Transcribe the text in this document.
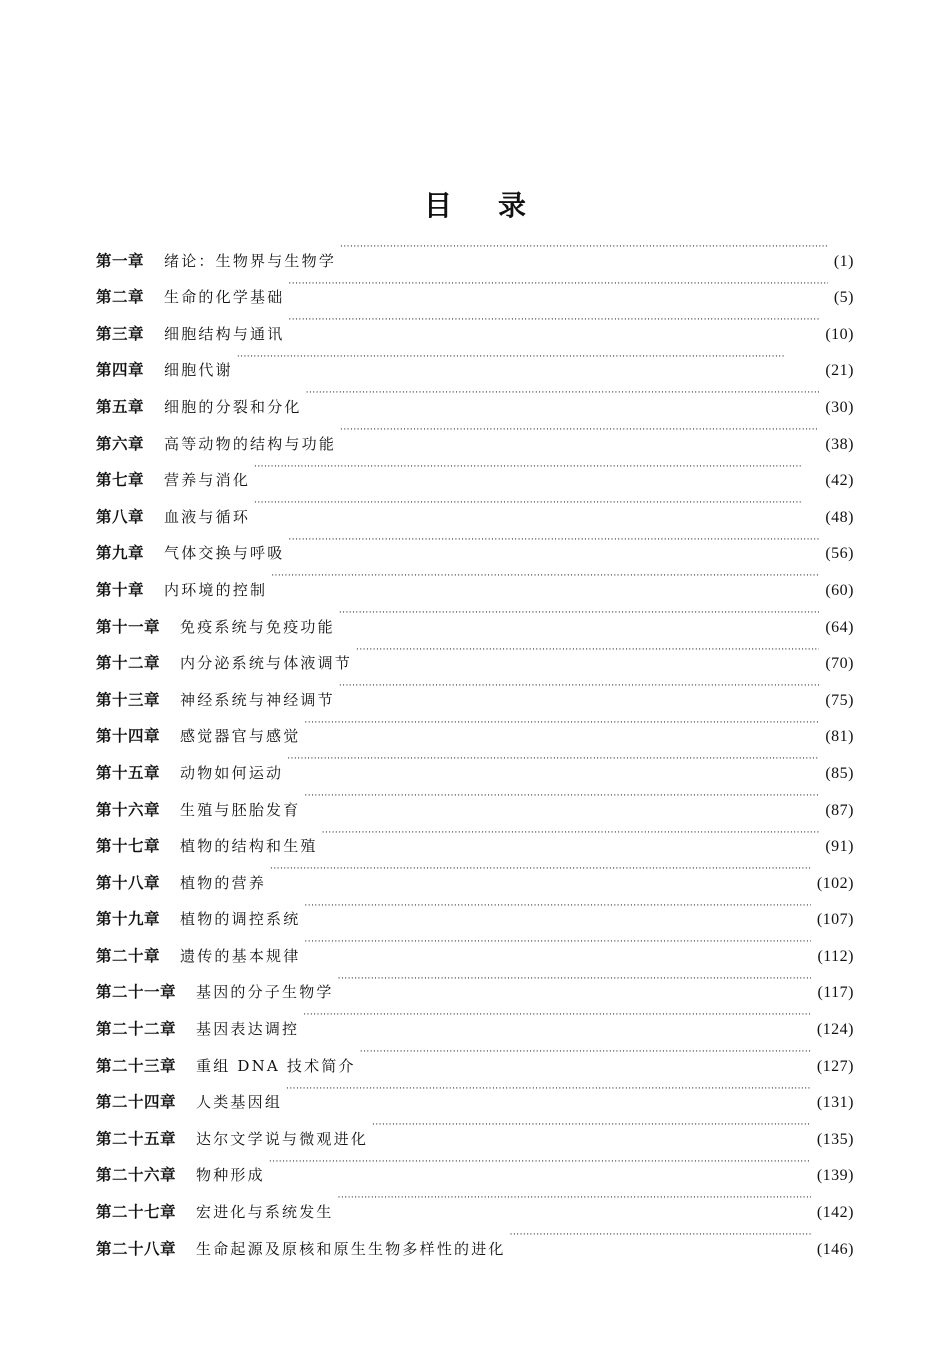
目录
第一章	绪论：生物界与生物学 · · ·	(1)
第二章	生命的化学基础 · · ·	(5)
第三章	细胞结构与通讯 · · ·	(10)
第四章	细胞代谢 · · ·	(21)
第五章	细胞的分裂和分化 · · ·	(30)
第六章	高等动物的结构与功能 · · ·	(38)
第七章	营养与消化 · · ·	(42)
第八章	血液与循环 · · ·	(48)
第九章	气体交换与呼吸 · · ·	(56)
第十章	内环境的控制 · · ·	(60)
第十一章	免疫系统与免疫功能 · · ·	(64)
第十二章	内分泌系统与体液调节 · · ·	(70)
第十三章	神经系统与神经调节 · · ·	(75)
第十四章	感觉器官与感觉 · · ·	(81)
第十五章	动物如何运动 · · ·	(85)
第十六章	生殖与胚胎发育 · · ·	(87)
第十七章	植物的结构和生殖 · · ·	(91)
第十八章	植物的营养 · · ·	(102)
第十九章	植物的调控系统 · · ·	(107)
第二十章	遗传的基本规律 · · ·	(112)
第二十一章	基因的分子生物学 · · ·	(117)
第二十二章	基因表达调控 · · ·	(124)
第二十三章	重组 DNA 技术简介 · · ·	(127)
第二十四章	人类基因组 · · ·	(131)
第二十五章	达尔文学说与微观进化 · · ·	(135)
第二十六章	物种形成 · · ·	(139)
第二十七章	宏进化与系统发生 · · ·	(142)
第二十八章	生命起源及原核和原生生物多样性的进化 · · ·	(146)
